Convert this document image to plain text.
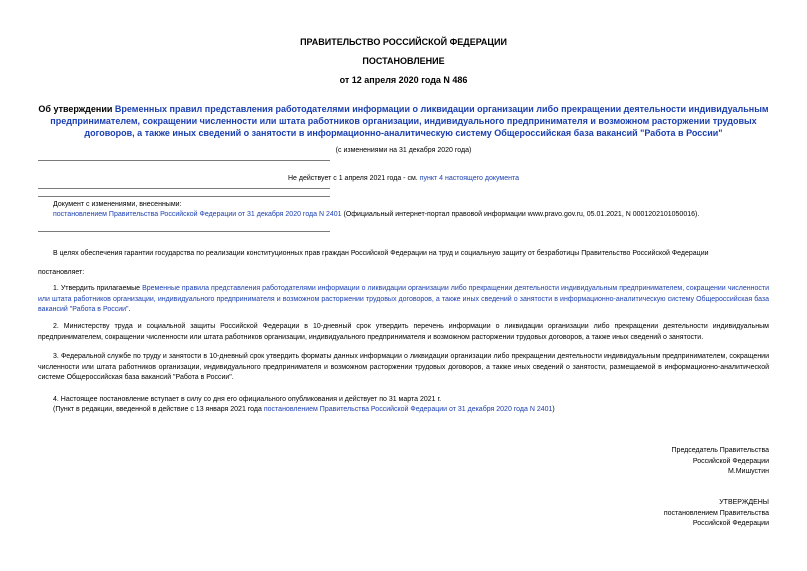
ПРАВИТЕЛЬСТВО РОССИЙСКОЙ ФЕДЕРАЦИИ
ПОСТАНОВЛЕНИЕ
от 12 апреля 2020 года N 486
Об утверждении Временных правил представления работодателями информации о ликвидации организации либо прекращении деятельности индивидуальным предпринимателем, сокращении численности или штата работников организации, индивидуального предпринимателя и возможном расторжении трудовых договоров, а также иных сведений о занятости в информационно-аналитическую систему Общероссийская база вакансий "Работа в России"
(с изменениями на 31 декабря 2020 года)
Не действует с 1 апреля 2021 года - см. пункт 4 настоящего документа
Документ с изменениями, внесенными:
постановлением Правительства Российской Федерации от 31 декабря 2020 года N 2401 (Официальный интернет-портал правовой информации www.pravo.gov.ru, 05.01.2021, N 0001202101050016).
В целях обеспечения гарантии государства по реализации конституционных прав граждан Российской Федерации на труд и социальную защиту от безработицы Правительство Российской Федерации
постановляет:
1. Утвердить прилагаемые Временные правила представления работодателями информации о ликвидации организации либо прекращении деятельности индивидуальным предпринимателем, сокращении численности или штата работников организации, индивидуального предпринимателя и возможном расторжении трудовых договоров, а также иных сведений о занятости в информационно-аналитическую систему Общероссийская база вакансий "Работа в России".
2. Министерству труда и социальной защиты Российской Федерации в 10-дневный срок утвердить перечень информации о ликвидации организации либо прекращении деятельности индивидуальным предпринимателем, сокращении численности или штата работников организации, индивидуального предпринимателя и возможном расторжении трудовых договоров, а также иных сведений о занятости.
3. Федеральной службе по труду и занятости в 10-дневный срок утвердить форматы данных информации о ликвидации организации либо прекращении деятельности индивидуальным предпринимателем, сокращении численности или штата работников организации, индивидуального предпринимателя и возможном расторжении трудовых договоров, а также иных сведений о занятости, размещаемой в информационно-аналитической системе Общероссийская база вакансий "Работа в России".
4. Настоящее постановление вступает в силу со дня его официального опубликования и действует по 31 марта 2021 г.
(Пункт в редакции, введенной в действие с 13 января 2021 года постановлением Правительства Российской Федерации от 31 декабря 2020 года N 2401)
Председатель Правительства
Российской Федерации
М.Мишустин
УТВЕРЖДЕНЫ
постановлением Правительства
Российской Федерации
